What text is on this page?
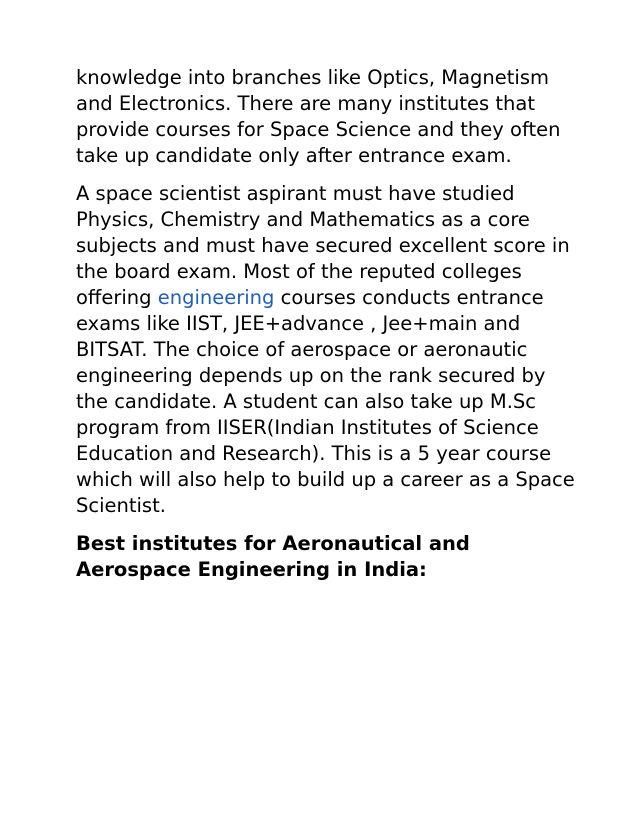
knowledge into branches like Optics, Magnetism and Electronics. There are many institutes that provide courses for Space Science and they often take up candidate only after entrance exam.

A space scientist aspirant must have studied Physics, Chemistry and Mathematics as a core subjects and must have secured excellent score in the board exam. Most of the reputed colleges offering engineering courses conducts entrance exams like IIST, JEE+advance , Jee+main and BITSAT. The choice of aerospace or aeronautic engineering depends up on the rank secured by the candidate. A student can also take up M.Sc program from IISER(Indian Institutes of Science Education and Research). This is a 5 year course which will also help to build up a career as a Space Scientist.

Best institutes for Aeronautical and Aerospace Engineering in India:
